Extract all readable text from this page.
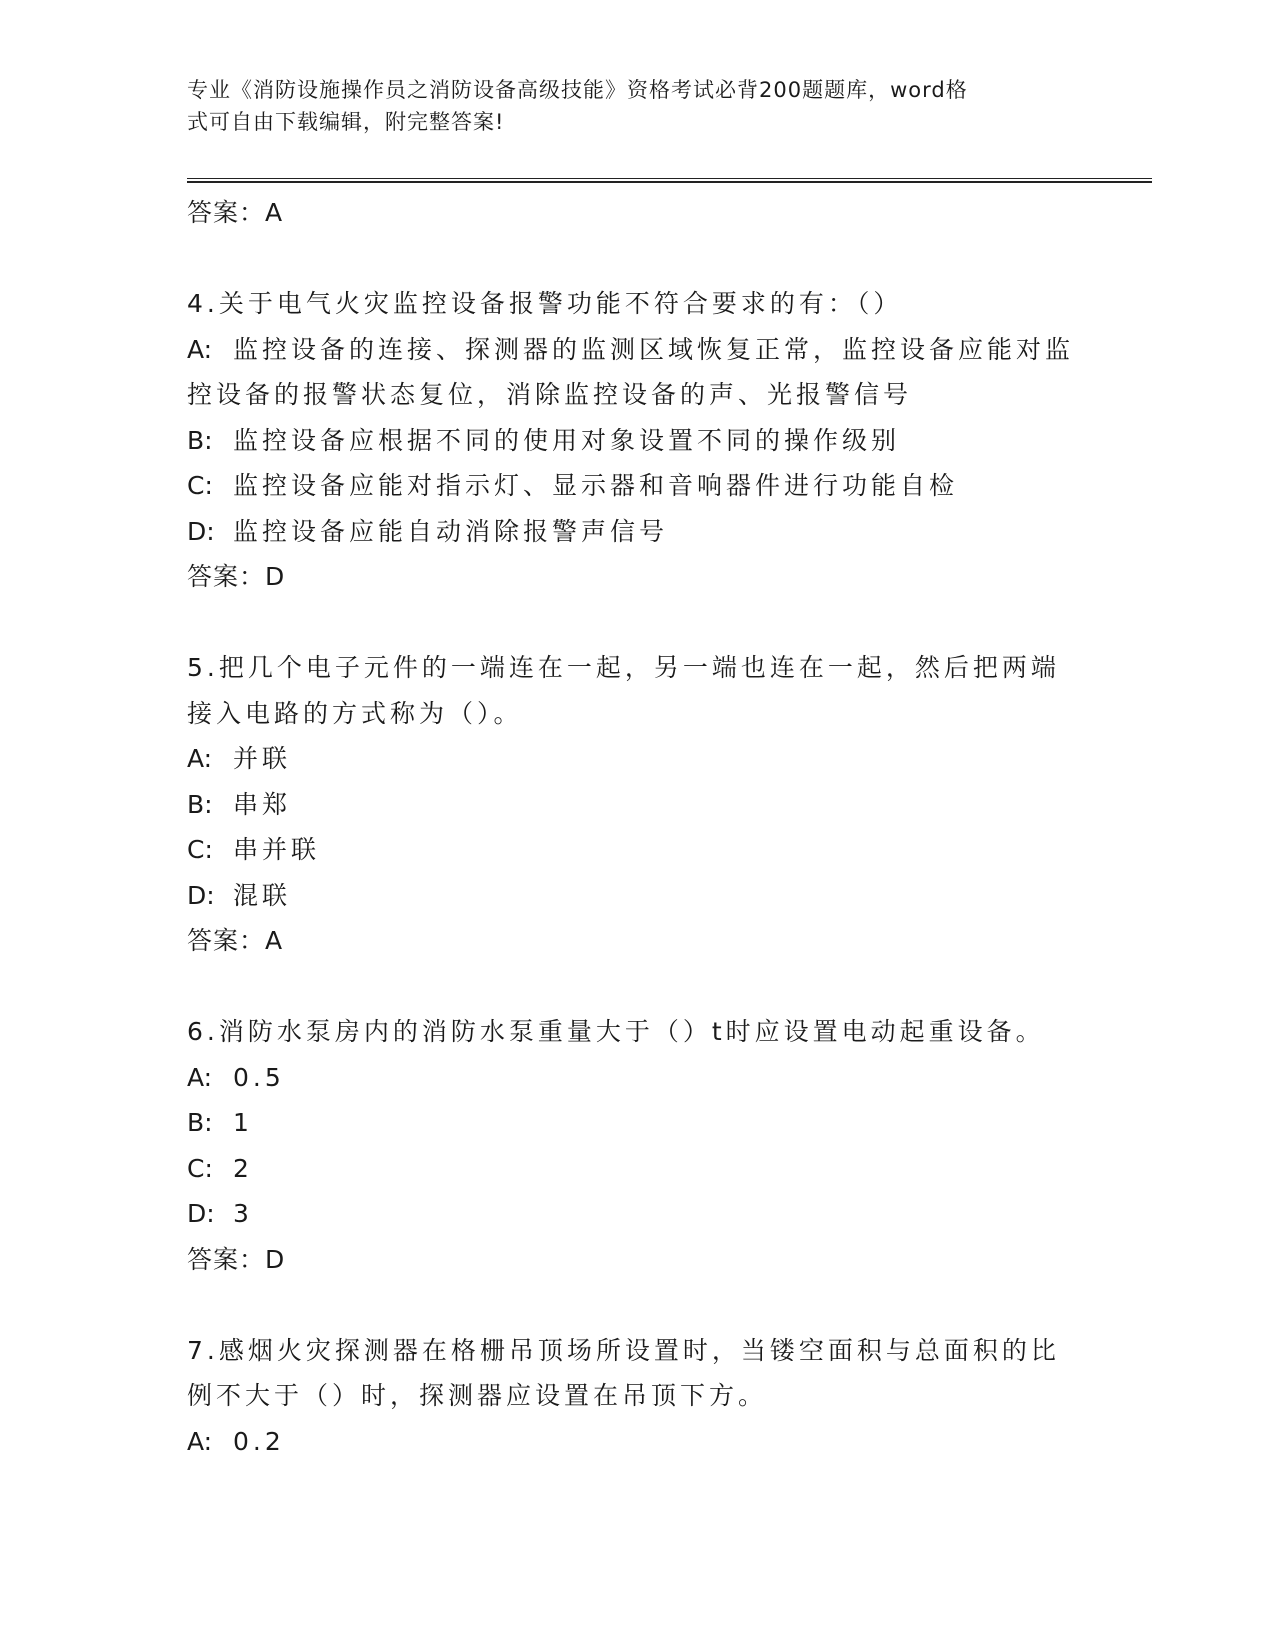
专业《消防设施操作员之消防设备高级技能》资格考试必背200题题库，word格
式可自由下载编辑，附完整答案!
答案：A
4.关于电气火灾监控设备报警功能不符合要求的有：（）
A: 监控设备的连接、探测器的监测区域恢复正常，监控设备应能对监
控设备的报警状态复位，消除监控设备的声、光报警信号
B: 监控设备应根据不同的使用对象设置不同的操作级别
C: 监控设备应能对指示灯、显示器和音响器件进行功能自检
D: 监控设备应能自动消除报警声信号
答案：D
5.把几个电子元件的一端连在一起，另一端也连在一起，然后把两端
接入电路的方式称为（）。
A: 并联
B: 串郑
C: 串并联
D: 混联
答案：A
6.消防水泵房内的消防水泵重量大于（）t时应设置电动起重设备。
A: 0.5
B: 1
C: 2
D: 3
答案：D
7.感烟火灾探测器在格栅吊顶场所设置时，当镂空面积与总面积的比
例不大于（）时，探测器应设置在吊顶下方。
A: 0.2
